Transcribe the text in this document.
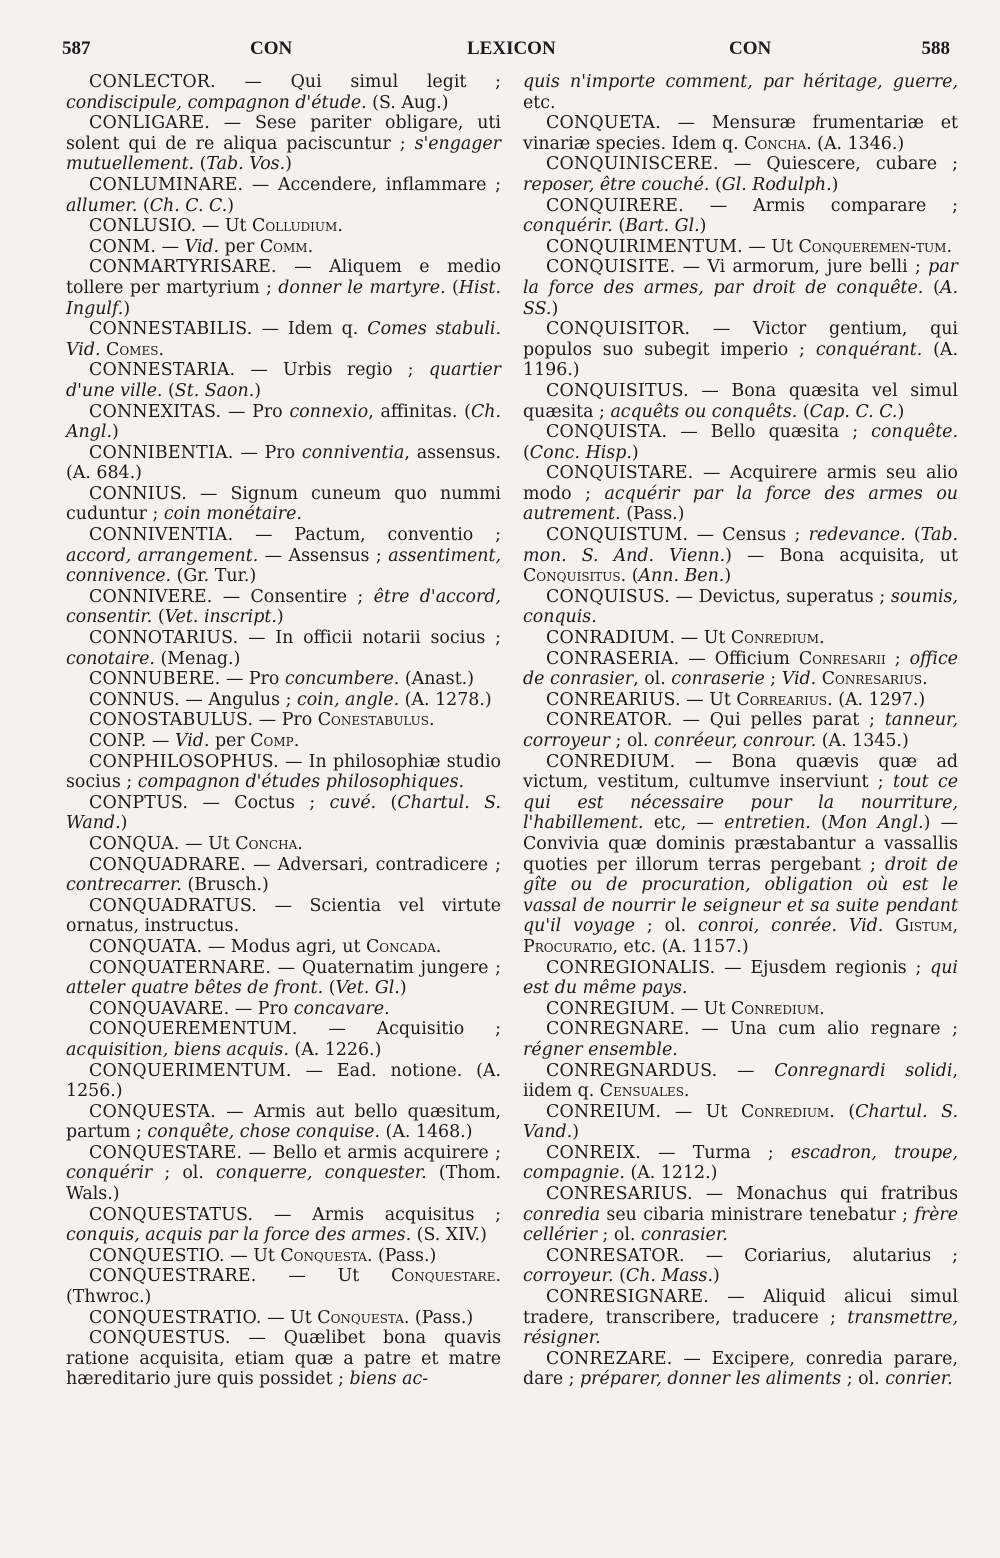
587	CON	LEXICON	CON	588

CONLECTOR. — Qui simul legit ; condiscipule, compagnon d'étude. (S. Aug.)

CONLIGARE. — Sese pariter obligare, uti solent qui de re aliqua paciscuntur ; s'engager mutuellement. (Tab. Vos.)

CONLUMINARE. — Accendere, inflammare ; allumer. (Ch. C. C.)

CONLUSIO. — Ut Colludium.

CONM. — Vid. per Comm.

CONMARTYRISARE. — Aliquem e medio tollere per martyrium ; donner le martyre. (Hist. Ingulf.)

CONNESTABILIS. — Idem q. Comes stabuli. Vid. Comes.

CONNESTARIA. — Urbis regio ; quartier d'une ville. (St. Saon.)

CONNEXITAS. — Pro connexio, affinitas. (Ch. Angl.)

CONNIBENTIA. — Pro conniventia, assensus. (A. 684.)

CONNIUS. — Signum cuneum quo nummi cuduntur ; coin monétaire.

CONNIVENTIA. — Pactum, conventio ; accord, arrangement. — Assensus ; assentiment, connivence. (Gr. Tur.)

CONNIVERE. — Consentire ; être d'accord, consentir. (Vet. inscript.)

CONNOTARIUS. — In officii notarii socius ; conotaire. (Menag.)

CONNUBERE. — Pro concumbere. (Anast.)

CONNUS. — Angulus ; coin, angle. (A. 1278.)

CONOSTABULUS. — Pro Conestabulus.

CONP. — Vid. per Comp.

CONPHILOSOPHUS. — In philosophiæ studio socius ; compagnon d'études philosophiques.

CONPTUS. — Coctus ; cuvé. (Chartul. S. Wand.)

CONQUA. — Ut Concha.

CONQUADRARE. — Adversari, contradicere ; contrecarrer. (Brusch.)

CONQUADRATUS. — Scientia vel virtute ornatus, instructus.

CONQUATA. — Modus agri, ut Concada.

CONQUATERNARE. — Quaternatim jungere ; atteler quatre bêtes de front. (Vet. Gl.)

CONQUAVARE. — Pro concavare.

CONQUEREMENTUM. — Acquisitio ; acquisition, biens acquis. (A. 1226.)

CONQUERIMENTUM. — Ead. notione. (A. 1256.)

CONQUESTA. — Armis aut bello quæsitum, partum ; conquête, chose conquise. (A. 1468.)

CONQUESTARE. — Bello et armis acquirere ; conquérir ; ol. conquerre, conquester. (Thom. Wals.)

CONQUESTATUS. — Armis acquisitus ; conquis, acquis par la force des armes. (S. XIV.)

CONQUESTIO. — Ut Conquesta. (Pass.)

CONQUESTRARE. — Ut Conquestare. (Thwroc.)

CONQUESTRATIO. — Ut Conquesta. (Pass.)

CONQUESTUS. — Quælibet bona quavis ratione acquisita, etiam quæ a patre et matre hæreditario jure quis possidet ; biens ac-

quis n'importe comment, par héritage, guerre, etc.

CONQUETA. — Mensuræ frumentariæ et vinariæ species. Idem q. Concha. (A. 1346.)

CONQUINISCERE. — Quiescere, cubare ; reposer, être couché. (Gl. Rodulph.)

CONQUIRERE. — Armis comparare ; conquérir. (Bart. Gl.)

CONQUIRIMENTUM. — Ut Conqueremen-tum.

CONQUISITE. — Vi armorum, jure belli ; par la force des armes, par droit de conquête. (A. SS.)

CONQUISITOR. — Victor gentium, qui populos suo subegit imperio ; conquérant. (A. 1196.)

CONQUISITUS. — Bona quæsita vel simul quæsita ; acquêts ou conquêts. (Cap. C. C.)

CONQUISTA. — Bello quæsita ; conquête. (Conc. Hisp.)

CONQUISTARE. — Acquirere armis seu alio modo ; acquérir par la force des armes ou autrement. (Pass.)

CONQUISTUM. — Census ; redevance. (Tab. mon. S. And. Vienn.) — Bona acquisita, ut Conquisitus. (Ann. Ben.)

CONQUISUS. — Devictus, superatus ; soumis, conquis.

CONRADIUM. — Ut Conredium.

CONRASERIA. — Officium Conresarii ; office de conrasier, ol. conraserie ; Vid. Conresarius.

CONREARIUS. — Ut Correarius. (A. 1297.)

CONREATOR. — Qui pelles parat ; tanneur, corroyeur ; ol. conréeur, conrour. (A. 1345.)

CONREDIUM. — Bona quævis quæ ad victum, vestitum, cultumve inserviunt ; tout ce qui est nécessaire pour la nourriture, l'habillement. etc, — entretien. (Mon Angl.) — Convivia quæ dominis præstabantur a vassallis quoties per illorum terras pergebant ; droit de gîte ou de procuration, obligation où est le vassal de nourrir le seigneur et sa suite pendant qu'il voyage ; ol. conroi, conrée. Vid. Gistum, Procuratio, etc. (A. 1157.)

CONREGIONALIS. — Ejusdem regionis ; qui est du même pays.

CONREGIUM. — Ut Conredium.

CONREGNARE. — Una cum alio regnare ; régner ensemble.

CONREGNARDUS. — Conregnardi solidi, iidem q. Censuales.

CONREIUM. — Ut Conredium. (Chartul. S. Vand.)

CONREIX. — Turma ; escadron, troupe, compagnie. (A. 1212.)

CONRESARIUS. — Monachus qui fratribus conredia seu cibaria ministrare tenebatur ; frère cellérier ; ol. conrasier.

CONRESATOR. — Coriarius, alutarius ; corroyeur. (Ch. Mass.)

CONRESIGNARE. — Aliquid alicui simul tradere, transcribere, traducere ; transmettre, résigner.

CONREZARE. — Excipere, conredia parare, dare ; préparer, donner les aliments ; ol. conrier.
